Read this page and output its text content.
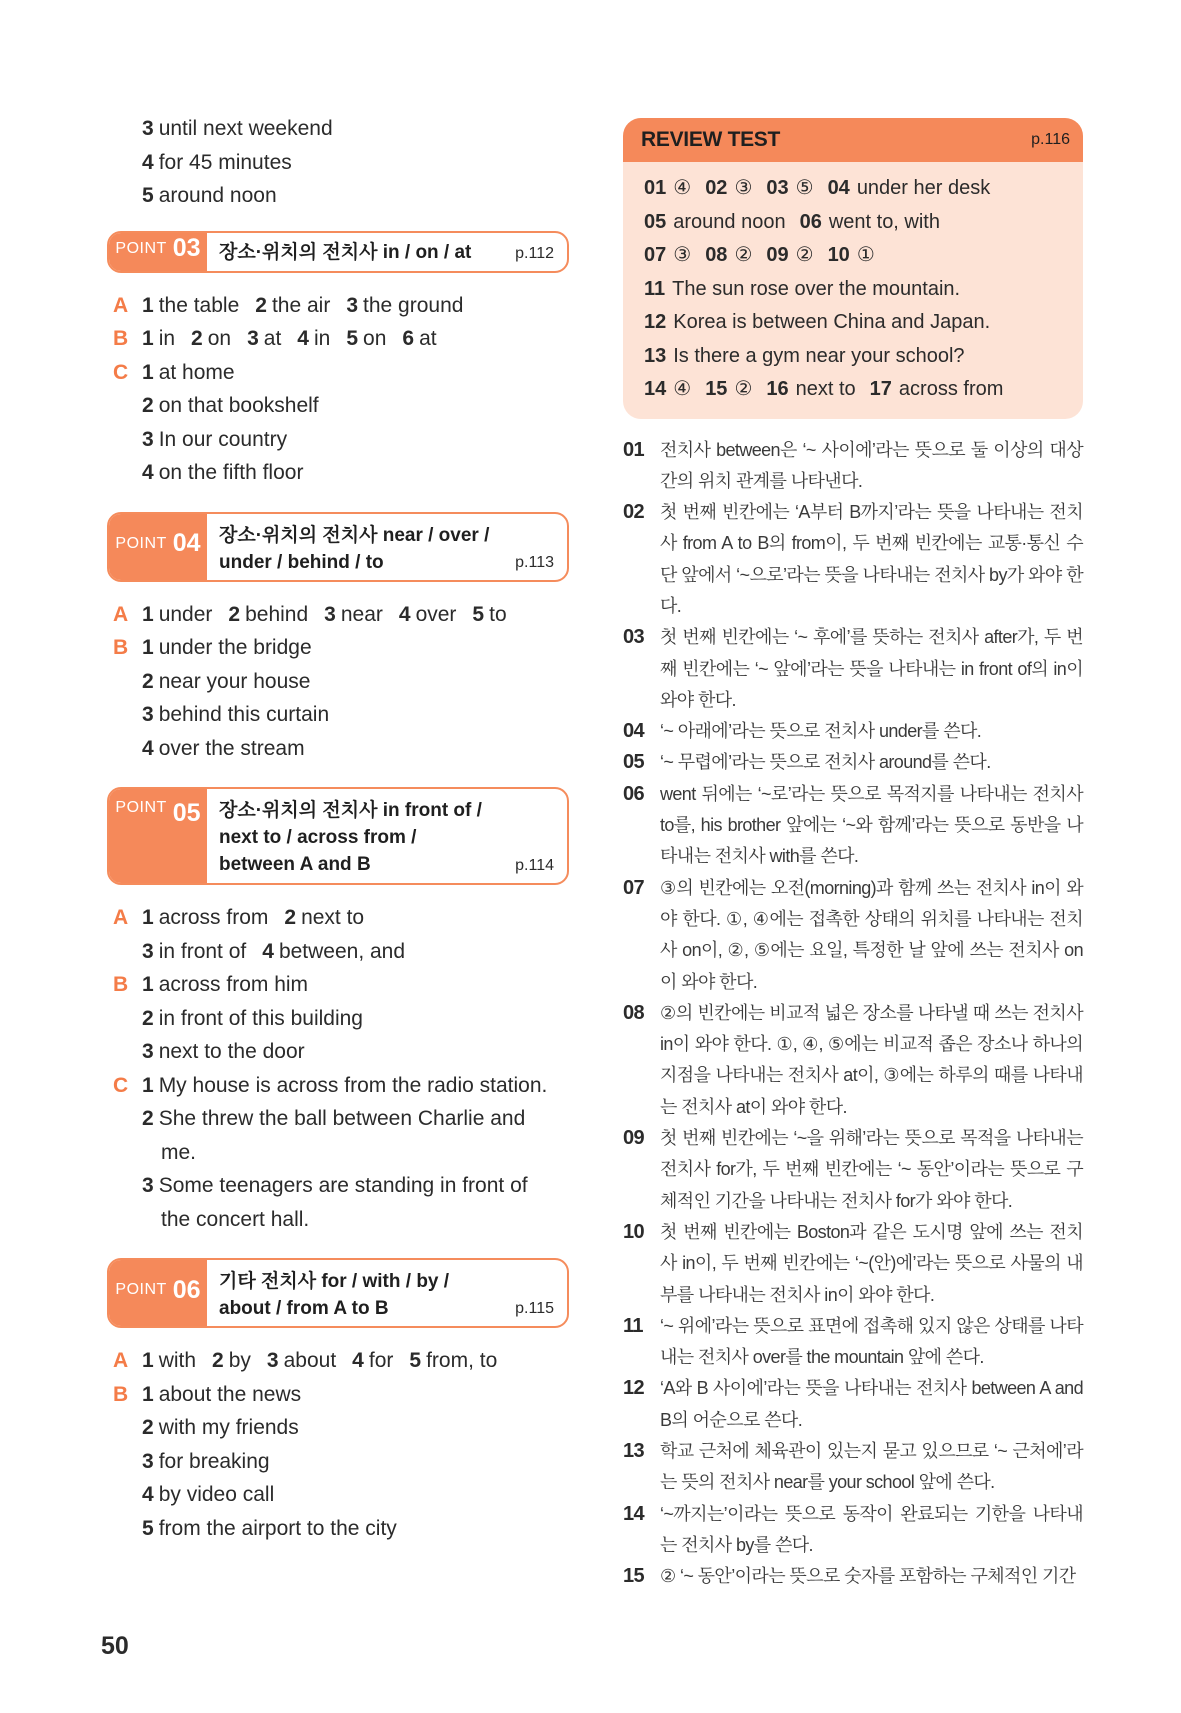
3 until next weekend
4 for 45 minutes
5 around noon
POINT 03 장소·위치의 전치사 in / on / at	p.112
A 1 the table 2 the air 3 the ground
B 1 in 2 on 3 at 4 in 5 on 6 at
C 1 at home
2 on that bookshelf
3 In our country
4 on the fifth floor
POINT 04 장소·위치의 전치사 near / over /
under / behind / to	p.113
A 1 under 2 behind 3 near 4 over 5 to
B 1 under the bridge
2 near your house
3 behind this curtain
4 over the stream
POINT 05 장소·위치의 전치사 in front of /
next to / across from /
between A and B	p.114
A 1 across from 2 next to
3 in front of 4 between, and
B 1 across from him
2 in front of this building
3 next to the door
C 1 My house is across from the radio station.
2 She threw the ball between Charlie and
me.
3 Some teenagers are standing in front of
the concert hall.
POINT 06 기타 전치사 for / with / by /
about / from A to B	p.115
A 1 with 2 by 3 about 4 for 5 from, to
B 1 about the news
2 with my friends
3 for breaking
4 by video call
5 from the airport to the city
REVIEW TEST	p.116
01 ④ 02 ③ 03 ⑤ 04 under her desk
05 around noon 06 went to, with
07 ③ 08 ② 09 ② 10 ①
11 The sun rose over the mountain.
12 Korea is between China and Japan.
13 Is there a gym near your school?
14 ④ 15 ② 16 next to 17 across from
01 전치사 between은 ‘~ 사이에’라는 뜻으로 둘 이상의 대상 간의 위치 관계를 나타낸다.
02 첫 번째 빈칸에는 ‘A부터 B까지’라는 뜻을 나타내는 전치사 from A to B의 from이, 두 번째 빈칸에는 교통·통신 수단 앞에서 ‘~으로’라는 뜻을 나타내는 전치사 by가 와야 한다.
03 첫 번째 빈칸에는 ‘~ 후에’를 뜻하는 전치사 after가, 두 번째 빈칸에는 ‘~ 앞에’라는 뜻을 나타내는 in front of의 in이 와야 한다.
04 ‘~ 아래에’라는 뜻으로 전치사 under를 쓴다.
05 ‘~ 무렵에’라는 뜻으로 전치사 around를 쓴다.
06 went 뒤에는 ‘~로’라는 뜻으로 목적지를 나타내는 전치사 to를, his brother 앞에는 ‘~와 함께’라는 뜻으로 동반을 나타내는 전치사 with를 쓴다.
07 ③의 빈칸에는 오전(morning)과 함께 쓰는 전치사 in이 와야 한다. ①, ④에는 접촉한 상태의 위치를 나타내는 전치사 on이, ②, ⑤에는 요일, 특정한 날 앞에 쓰는 전치사 on이 와야 한다.
08 ②의 빈칸에는 비교적 넓은 장소를 나타낼 때 쓰는 전치사 in이 와야 한다. ①, ④, ⑤에는 비교적 좁은 장소나 하나의 지점을 나타내는 전치사 at이, ③에는 하루의 때를 나타내는 전치사 at이 와야 한다.
09 첫 번째 빈칸에는 ‘~을 위해’라는 뜻으로 목적을 나타내는 전치사 for가, 두 번째 빈칸에는 ‘~ 동안’이라는 뜻으로 구체적인 기간을 나타내는 전치사 for가 와야 한다.
10 첫 번째 빈칸에는 Boston과 같은 도시명 앞에 쓰는 전치사 in이, 두 번째 빈칸에는 ‘~(안)에’라는 뜻으로 사물의 내부를 나타내는 전치사 in이 와야 한다.
11 ‘~ 위에’라는 뜻으로 표면에 접촉해 있지 않은 상태를 나타내는 전치사 over를 the mountain 앞에 쓴다.
12 ‘A와 B 사이에’라는 뜻을 나타내는 전치사 between A and B의 어순으로 쓴다.
13 학교 근처에 체육관이 있는지 묻고 있으므로 ‘~ 근처에’라는 뜻의 전치사 near를 your school 앞에 쓴다.
14 ‘~까지는’이라는 뜻으로 동작이 완료되는 기한을 나타내는 전치사 by를 쓴다.
15 ② ‘~ 동안’이라는 뜻으로 숫자를 포함하는 구체적인 기간
50
